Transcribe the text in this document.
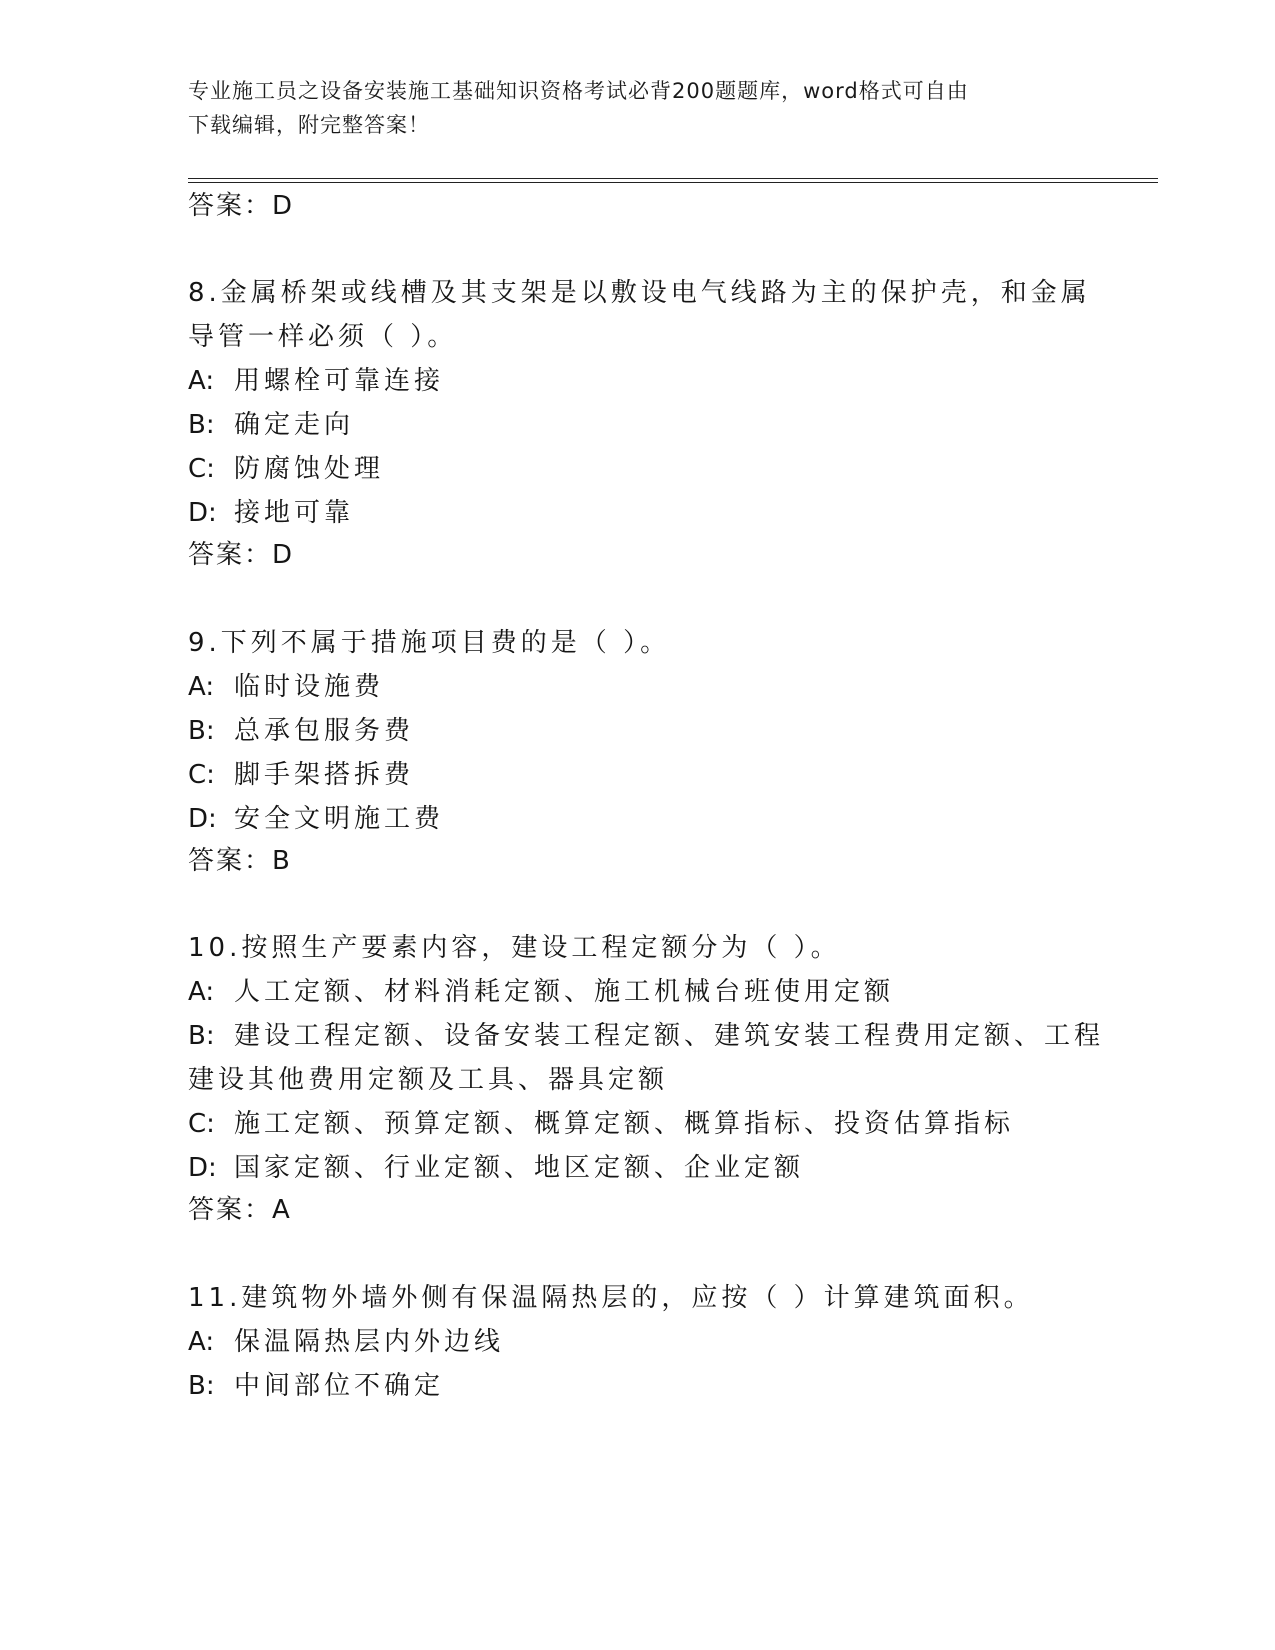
专业施工员之设备安装施工基础知识资格考试必背200题题库，word格式可自由
下载编辑，附完整答案！
答案：D
8.金属桥架或线槽及其支架是以敷设电气线路为主的保护壳，和金属
导管一样必须（ ）。
A: 用螺栓可靠连接
B: 确定走向
C: 防腐蚀处理
D: 接地可靠
答案：D
9.下列不属于措施项目费的是（ ）。
A: 临时设施费
B: 总承包服务费
C: 脚手架搭拆费
D: 安全文明施工费
答案：B
10.按照生产要素内容，建设工程定额分为（ ）。
A: 人工定额、材料消耗定额、施工机械台班使用定额
B: 建设工程定额、设备安装工程定额、建筑安装工程费用定额、工程
建设其他费用定额及工具、器具定额
C: 施工定额、预算定额、概算定额、概算指标、投资估算指标
D: 国家定额、行业定额、地区定额、企业定额
答案：A
11.建筑物外墙外侧有保温隔热层的，应按（ ）计算建筑面积。
A: 保温隔热层内外边线
B: 中间部位不确定
